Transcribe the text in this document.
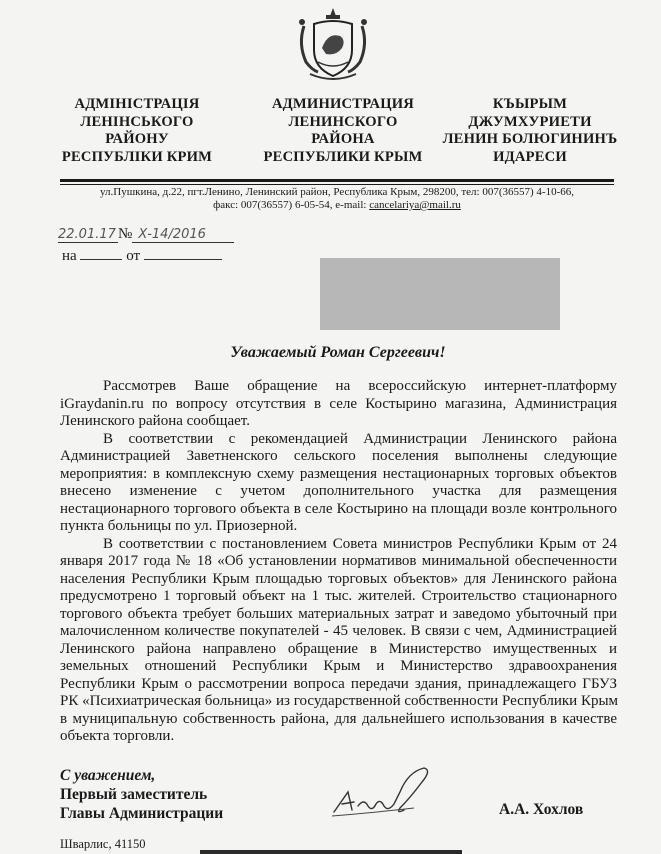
АДМІНІСТРАЦІЯ
ЛЕНІНСЬКОГО
РАЙОНУ
РЕСПУБЛІКИ КРИМ
АДМИНИСТРАЦИЯ
ЛЕНИНСКОГО
РАЙОНА
РЕСПУБЛИКИ КРЫМ
КЪЫРЫМ
ДЖУМХУРИЕТИ
ЛЕНИН БОЛЮГИНИНЪ
ИДАРЕСИ
ул.Пушкина, д.22, пгт.Ленино, Ленинский район, Республика Крым, 298200, тел: 007(36557) 4-10-66,
факс: 007(36557) 6-05-54, e-mail: cancelariya@mail.ru
22.01.17 № Х-14/2016
на	от
Уважаемый Роман Сергеевич!
Рассмотрев Ваше обращение на всероссийскую интернет-платформу
iGraydanin.ru по вопросу отсутствия в селе Костырино магазина, Администрация
Ленинского района сообщает.
В соответствии с рекомендацией Администрации Ленинского района
Администрацией Заветненского сельского поселения выполнены следующие
мероприятия: в комплексную схему размещения нестационарных торговых объектов
внесено изменение с учетом дополнительного участка для размещения
нестационарного торгового объекта в селе Костырино на площади возле контрольного
пункта больницы по ул. Приозерной.
В соответствии с постановлением Совета министров Республики Крым от 24
января 2017 года № 18 «Об установлении нормативов минимальной обеспеченности
населения Республики Крым площадью торговых объектов» для Ленинского района
предусмотрено 1 торговый объект на 1 тыс. жителей. Строительство стационарного
торгового объекта требует больших материальных затрат и заведомо убыточный при
малочисленном количестве покупателей - 45 человек. В связи с чем, Администрацией
Ленинского района направлено обращение в Министерство имущественных и
земельных отношений Республики Крым и Министерство здравоохранения
Республики Крым о рассмотрении вопроса передачи здания, принадлежащего ГБУЗ
РК «Психиатрическая больница» из государственной собственности Республики Крым
в муниципальную собственность района, для дальнейшего использования в качестве
объекта торговли.
С уважением,
Первый заместитель
Главы Администрации	А.А. Хохлов
Шварлис, 41150
